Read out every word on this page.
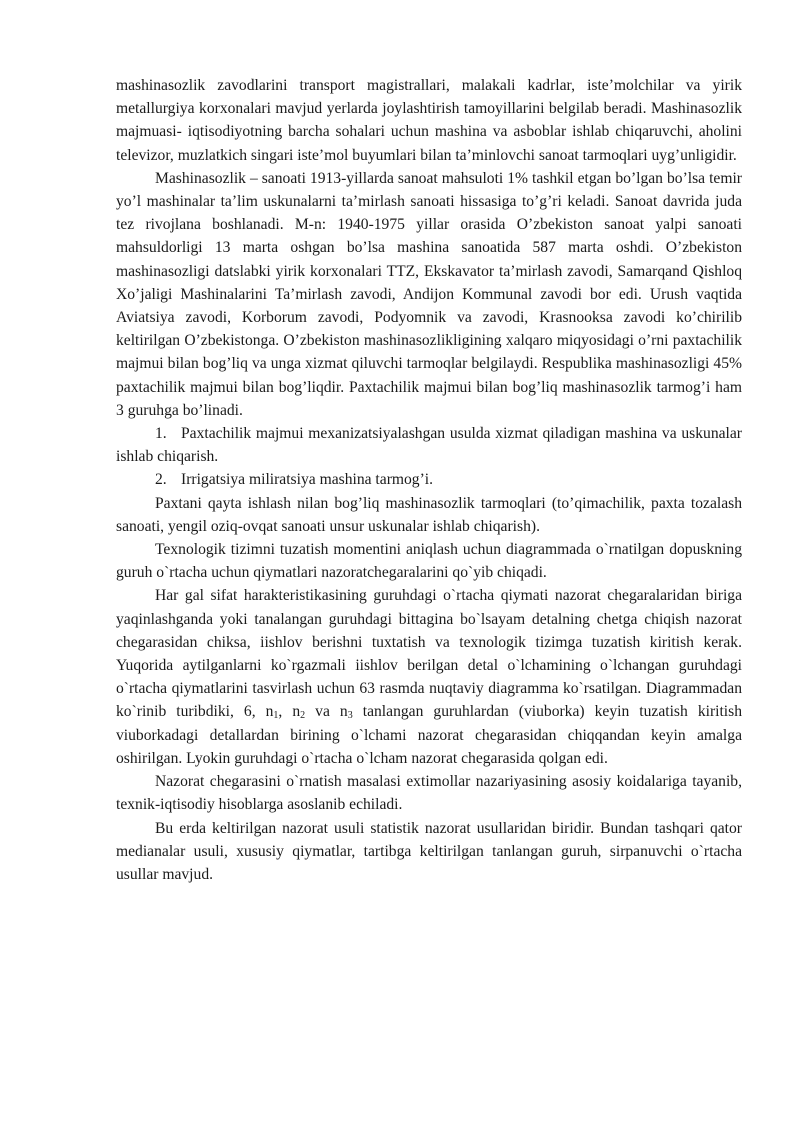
mashinasozlik zavodlarini transport magistrallari, malakali kadrlar, iste’molchilar va yirik metallurgiya korxonalari mavjud yerlarda joylashtirish tamoyillarini belgilab beradi. Mashinasozlik majmuasi- iqtisodiyotning barcha sohalari uchun mashina va asboblar ishlab chiqaruvchi, aholini televizor, muzlatkich singari iste’mol buyumlari bilan ta’minlovchi sanoat tarmoqlari uyg’unligidir.

Mashinasozlik – sanoati 1913-yillarda sanoat mahsuloti 1% tashkil etgan bo’lgan bo’lsa temir yo’l mashinalar ta’lim uskunalarni ta’mirlash sanoati hissasiga to’g’ri keladi. Sanoat davrida juda tez rivojlana boshlanadi. M-n: 1940-1975 yillar orasida O’zbekiston sanoat yalpi sanoati mahsuldorligi 13 marta oshgan bo’lsa mashina sanoatida 587 marta oshdi. O’zbekiston mashinasozligi datslabki yirik korxonalari TTZ, Ekskavator ta’mirlash zavodi, Samarqand Qishloq Xo’jaligi Mashinalarini Ta’mirlash zavodi, Andijon Kommunal zavodi bor edi. Urush vaqtida Aviatsiya zavodi, Korborum zavodi, Podyomnik va zavodi, Krasnooksa zavodi ko’chirilib keltirilgan O’zbekistonga. O’zbekiston mashinasozlikligining xalqaro miqyosidagi o’rni paxtachilik majmui bilan bog’liq va unga xizmat qiluvchi tarmoqlar belgilaydi. Respublika mashinasozligi 45% paxtachilik majmui bilan bog’liqdir. Paxtachilik majmui bilan bog’liq mashinasozlik tarmog’i ham 3 guruhga bo’linadi.

1. Paxtachilik majmui mexanizatsiyalashgan usulda xizmat qiladigan mashina va uskunalar ishlab chiqarish.
2. Irrigatsiya miliratsiya mashina tarmog’i.

Paxtani qayta ishlash nilan bog’liq mashinasozlik tarmoqlari (to’qimachilik, paxta tozalash sanoati, yengil oziq-ovqat sanoati unsur uskunalar ishlab chiqarish).

Texnologik tizimni tuzatish momentini aniqlash uchun diagrammada o`rnatilgan dopuskning guruh o`rtacha uchun qiymatlari nazoratchegaralarini qo`yib chiqadi.

Har gal sifat harakteristikasining guruhdagi o`rtacha qiymati nazorat chegaralaridan biriga yaqinlashganda yoki tanalangan guruhdagi bittagina bo`lsayam detalning chetga chiqish nazorat chegarasidan chiksa, iishlov berishni tuxtatish va texnologik tizimga tuzatish kiritish kerak. Yuqorida aytilganlarni ko`rgazmali iishlov berilgan detal o`lchamining o`lchangan guruhdagi o`rtacha qiymatlarini tasvirlash uchun 63 rasmda nuqtaviy diagramma ko`rsatilgan. Diagrammadan ko`rinib turibdiki, 6, $n_1$, $n_2$ va $n_3$ tanlangan guruhlardan (viuborka) keyin tuzatish kiritish viuborkadagi detallardan birining o`lchami nazorat chegarasidan chiqqandan keyin amalga oshirilgan. Lyokin guruhdagi o`rtacha o`lcham nazorat chegarasida qolgan edi.

Nazorat chegarasini o`rnatish masalasi extimollar nazariyasining asosiy koidalariga tayanib, texnik-iqtisodiy hisoblarga asoslanib echiladi.

Bu erda keltirilgan nazorat usuli statistik nazorat usullaridan biridir. Bundan tashqari qator medianalar usuli, xususiy qiymatlar, tartibga keltirilgan tanlangan guruh, sirpanuvchi o`rtacha usullar mavjud.
